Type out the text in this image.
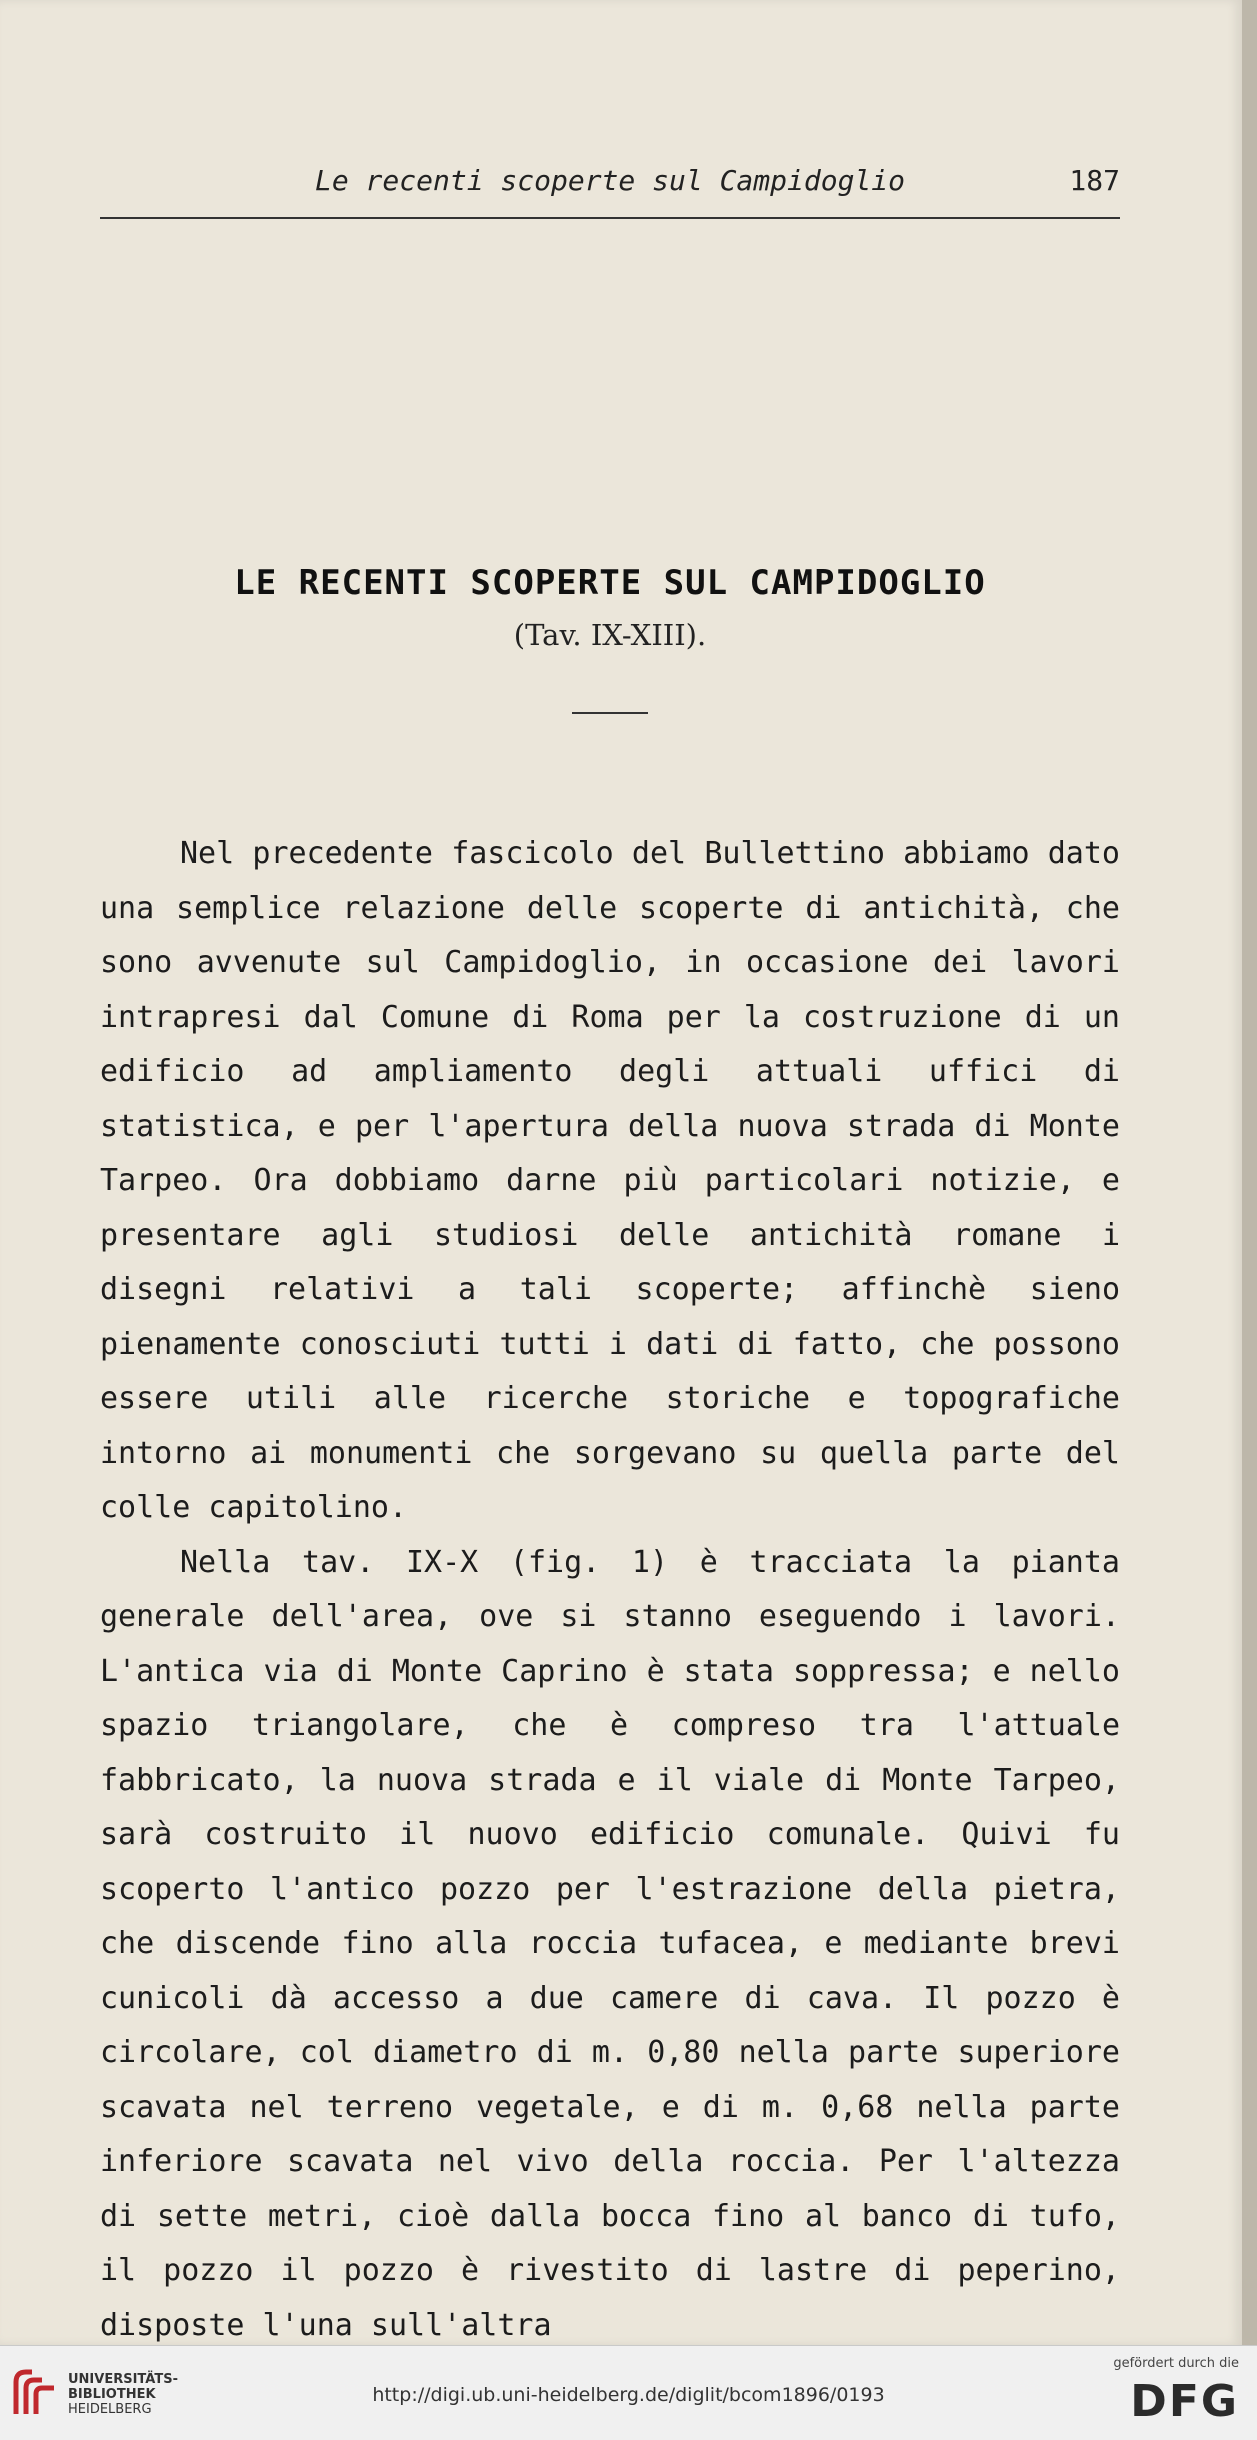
Le recenti scoperte sul Campidoglio	187
LE RECENTI SCOPERTE SUL CAMPIDOGLIO
(Tav. IX-XIII).

Nel precedente fascicolo del Bullettino abbiamo dato una semplice relazione delle scoperte di antichità, che sono avvenute sul Campidoglio, in occasione dei lavori intrapresi dal Comune di Roma per la costruzione di un edificio ad ampliamento degli attuali uffici di statistica, e per l'apertura della nuova strada di Monte Tarpeo. Ora dobbiamo darne più particolari notizie, e presentare agli studiosi delle antichità romane i disegni relativi a tali scoperte; affinchè sieno pienamente conosciuti tutti i dati di fatto, che possono essere utili alle ricerche storiche e topografiche intorno ai monumenti che sorgevano su quella parte del colle capitolino.

Nella tav. IX-X (fig. 1) è tracciata la pianta generale dell'area, ove si stanno eseguendo i lavori. L'antica via di Monte Caprino è stata soppressa; e nello spazio triangolare, che è compreso tra l'attuale fabbricato, la nuova strada e il viale di Monte Tarpeo, sarà costruito il nuovo edificio comunale. Quivi fu scoperto l'antico pozzo per l'estrazione della pietra, che discende fino alla roccia tufacea, e mediante brevi cunicoli dà accesso a due camere di cava. Il pozzo è circolare, col diametro di m. 0,80 nella parte superiore scavata nel terreno vegetale, e di m. 0,68 nella parte inferiore scavata nel vivo della roccia. Per l'altezza di sette metri, cioè dalla bocca fino al banco di tufo, il pozzo il pozzo è rivestito di lastre di peperino, disposte l'una sull'altra

UNIVERSITÄTS-
BIBLIOTHEK
HEIDELBERG
http://digi.ub.uni-heidelberg.de/diglit/bcom1896/0193
gefördert durch die
DFG
